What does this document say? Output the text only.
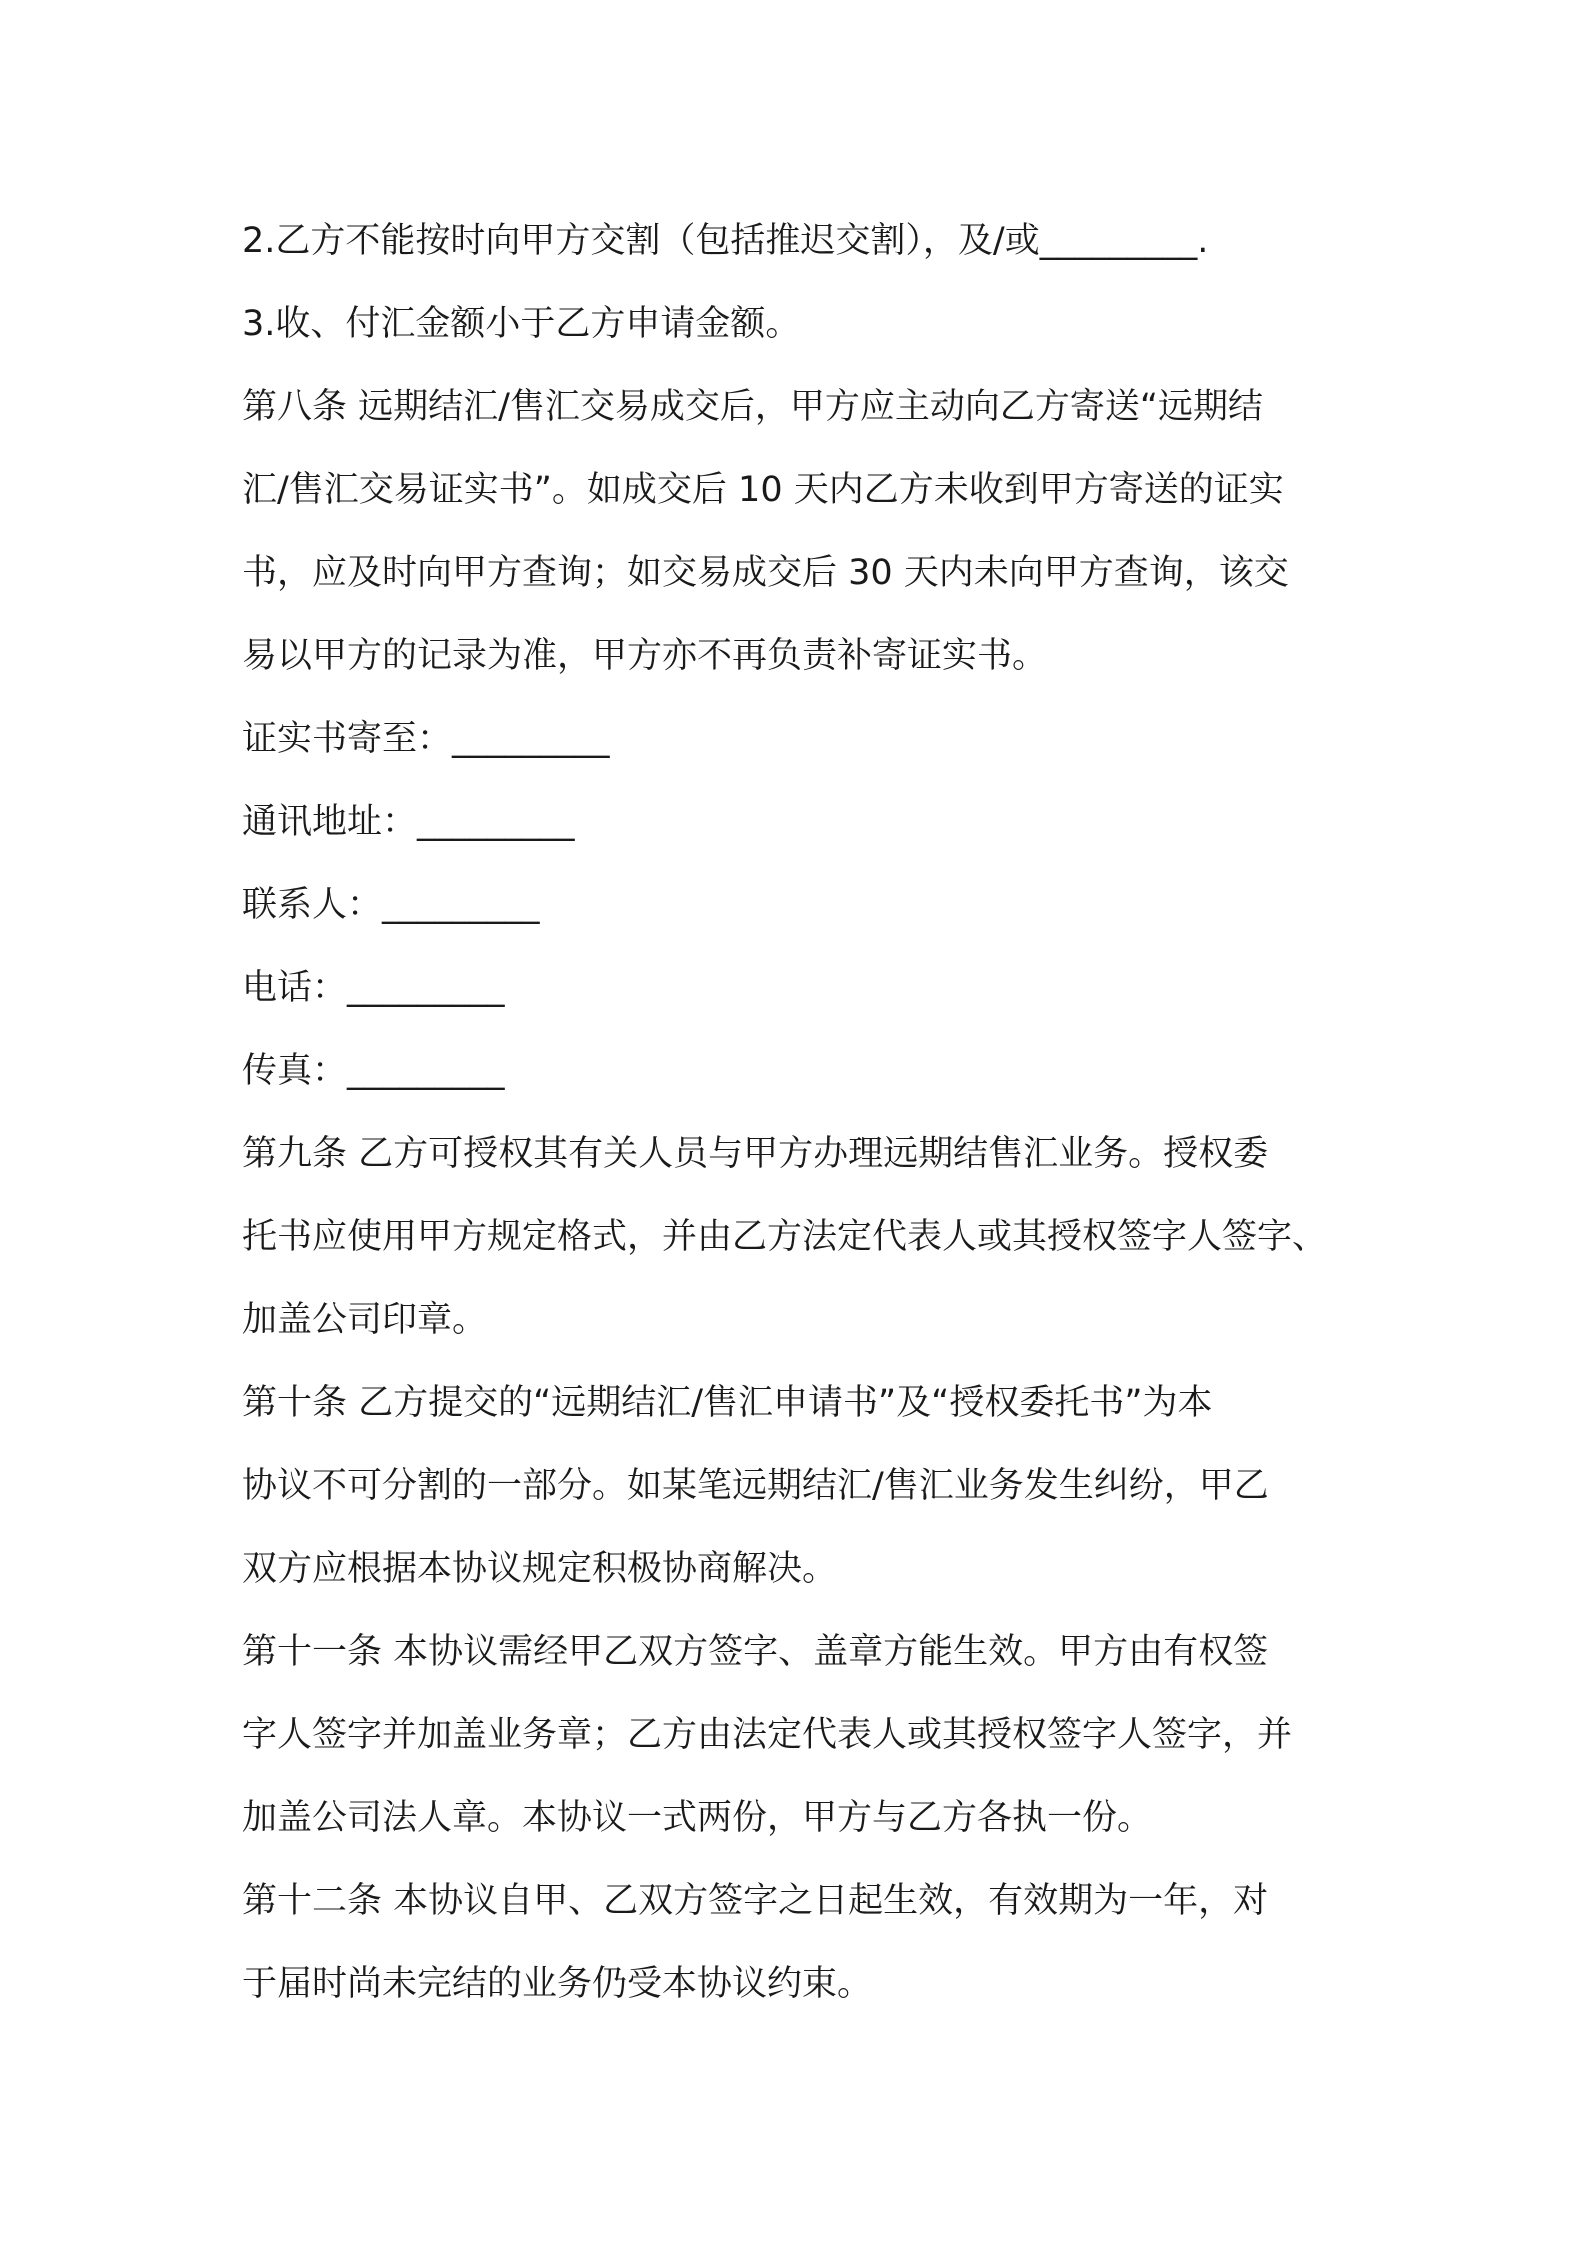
2.乙方不能按时向甲方交割（包括推迟交割），及/或_________.

3.收、付汇金额小于乙方申请金额。

第八条 远期结汇/售汇交易成交后，甲方应主动向乙方寄送“远期结
汇/售汇交易证实书”。如成交后 10 天内乙方未收到甲方寄送的证实
书，应及时向甲方查询；如交易成交后 30 天内未向甲方查询，该交
易以甲方的记录为准，甲方亦不再负责补寄证实书。

证实书寄至：_________

通讯地址：_________

联系人：_________

电话：_________

传真：_________

第九条 乙方可授权其有关人员与甲方办理远期结售汇业务。授权委
托书应使用甲方规定格式，并由乙方法定代表人或其授权签字人签字、
加盖公司印章。

第十条 乙方提交的“远期结汇/售汇申请书”及“授权委托书”为本
协议不可分割的一部分。如某笔远期结汇/售汇业务发生纠纷，甲乙
双方应根据本协议规定积极协商解决。

第十一条 本协议需经甲乙双方签字、盖章方能生效。甲方由有权签
字人签字并加盖业务章；乙方由法定代表人或其授权签字人签字，并
加盖公司法人章。本协议一式两份，甲方与乙方各执一份。

第十二条 本协议自甲、乙双方签字之日起生效，有效期为一年，对
于届时尚未完结的业务仍受本协议约束。
